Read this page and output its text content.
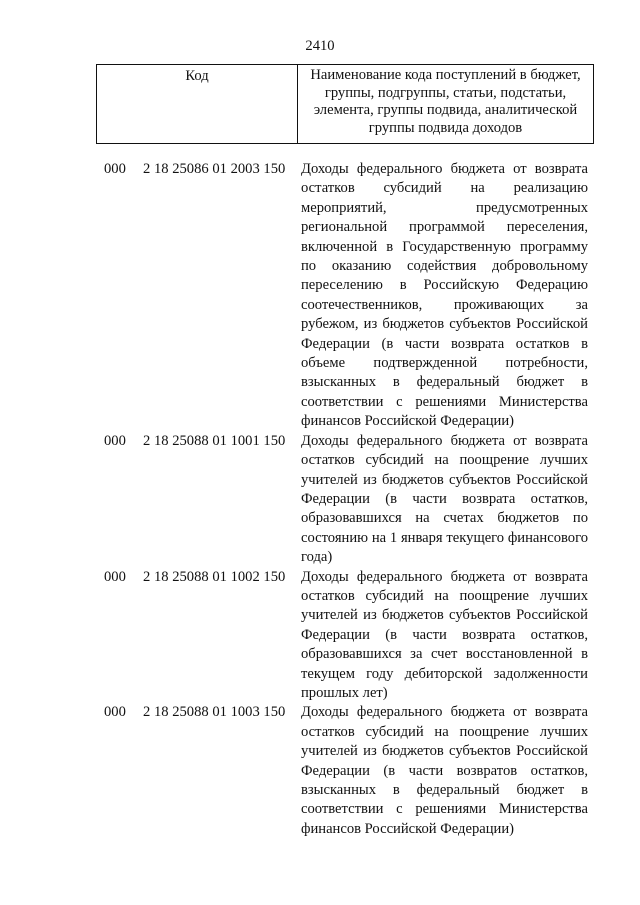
2410
Код	Наименование кода поступлений в бюджет, группы, подгруппы, статьи, подстатьи, элемента, группы подвида, аналитической группы подвида доходов
000 2 18 25086 01 2003 150 Доходы федерального бюджета от возврата остатков субсидий на реализацию мероприятий, предусмотренных региональной программой переселения, включенной в Государственную программу по оказанию содействия добровольному переселению в Российскую Федерацию соотечественников, проживающих за рубежом, из бюджетов субъектов Российской Федерации (в части возврата остатков в объеме подтвержденной потребности, взысканных в федеральный бюджет в соответствии с решениями Министерства финансов Российской Федерации)
000 2 18 25088 01 1001 150 Доходы федерального бюджета от возврата остатков субсидий на поощрение лучших учителей из бюджетов субъектов Российской Федерации (в части возврата остатков, образовавшихся на счетах бюджетов по состоянию на 1 января текущего финансового года)
000 2 18 25088 01 1002 150 Доходы федерального бюджета от возврата остатков субсидий на поощрение лучших учителей из бюджетов субъектов Российской Федерации (в части возврата остатков, образовавшихся за счет восстановленной в текущем году дебиторской задолженности прошлых лет)
000 2 18 25088 01 1003 150 Доходы федерального бюджета от возврата остатков субсидий на поощрение лучших учителей из бюджетов субъектов Российской Федерации (в части возвратов остатков, взысканных в федеральный бюджет в соответствии с решениями Министерства финансов Российской Федерации)
